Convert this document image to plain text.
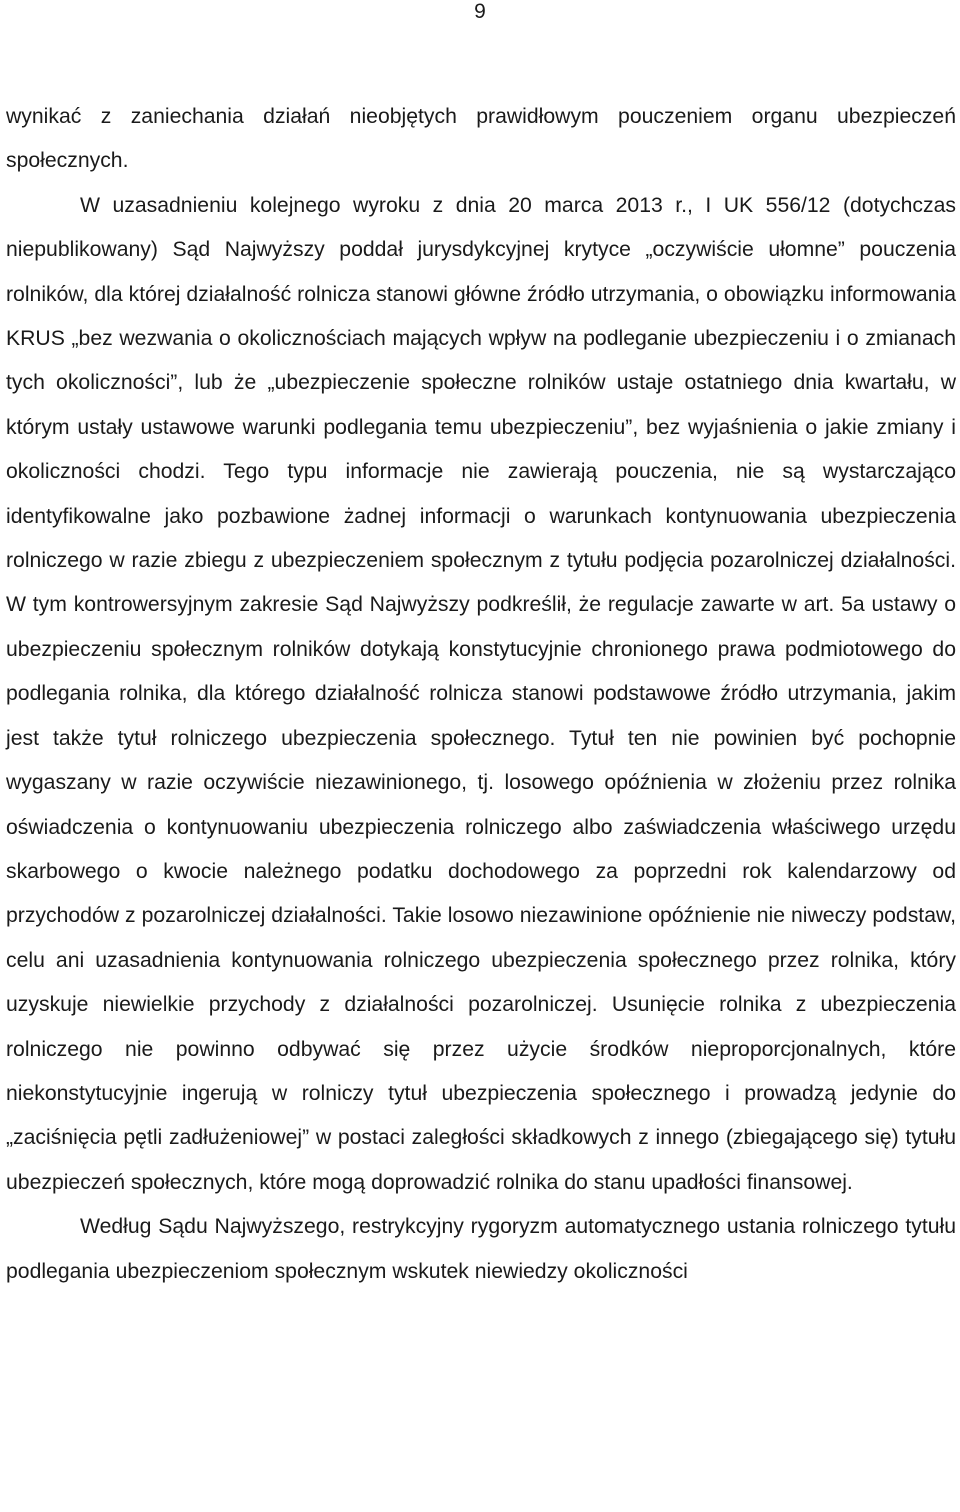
9

wynikać z zaniechania działań nieobjętych prawidłowym pouczeniem organu ubezpieczeń społecznych.

W uzasadnieniu kolejnego wyroku z dnia 20 marca 2013 r., I UK 556/12 (dotychczas niepublikowany) Sąd Najwyższy poddał jurysdykcyjnej krytyce „oczywiście ułomne” pouczenia rolników, dla której działalność rolnicza stanowi główne źródło utrzymania, o obowiązku informowania KRUS „bez wezwania o okolicznościach mających wpływ na podleganie ubezpieczeniu i o zmianach tych okoliczności”, lub że „ubezpieczenie społeczne rolników ustaje ostatniego dnia kwartału, w którym ustały ustawowe warunki podlegania temu ubezpieczeniu”, bez wyjaśnienia o jakie zmiany i okoliczności chodzi. Tego typu informacje nie zawierają pouczenia, nie są wystarczająco identyfikowalne jako pozbawione żadnej informacji o warunkach kontynuowania ubezpieczenia rolniczego w razie zbiegu z ubezpieczeniem społecznym z tytułu podjęcia pozarolniczej działalności. W tym kontrowersyjnym zakresie Sąd Najwyższy podkreślił, że regulacje zawarte w art. 5a ustawy o ubezpieczeniu społecznym rolników dotykają konstytucyjnie chronionego prawa podmiotowego do podlegania rolnika, dla którego działalność rolnicza stanowi podstawowe źródło utrzymania, jakim jest także tytuł rolniczego ubezpieczenia społecznego. Tytuł ten nie powinien być pochopnie wygaszany w razie oczywiście niezawinionego, tj. losowego opóźnienia w złożeniu przez rolnika oświadczenia o kontynuowaniu ubezpieczenia rolniczego albo zaświadczenia właściwego urzędu skarbowego o kwocie należnego podatku dochodowego za poprzedni rok kalendarzowy od przychodów z pozarolniczej działalności. Takie losowo niezawinione opóźnienie nie niweczy podstaw, celu ani uzasadnienia kontynuowania rolniczego ubezpieczenia społecznego przez rolnika, który uzyskuje niewielkie przychody z działalności pozarolniczej. Usunięcie rolnika z ubezpieczenia rolniczego nie powinno odbywać się przez użycie środków nieproporcjonalnych, które niekonstytucyjnie ingerują w rolniczy tytuł ubezpieczenia społecznego i prowadzą jedynie do „zaciśnięcia pętli zadłużeniowej” w postaci zaległości składkowych z innego (zbiegającego się) tytułu ubezpieczeń społecznych, które mogą doprowadzić rolnika do stanu upadłości finansowej.

Według Sądu Najwyższego, restrykcyjny rygoryzm automatycznego ustania rolniczego tytułu podlegania ubezpieczeniom społecznym wskutek niewiedzy okoliczności
